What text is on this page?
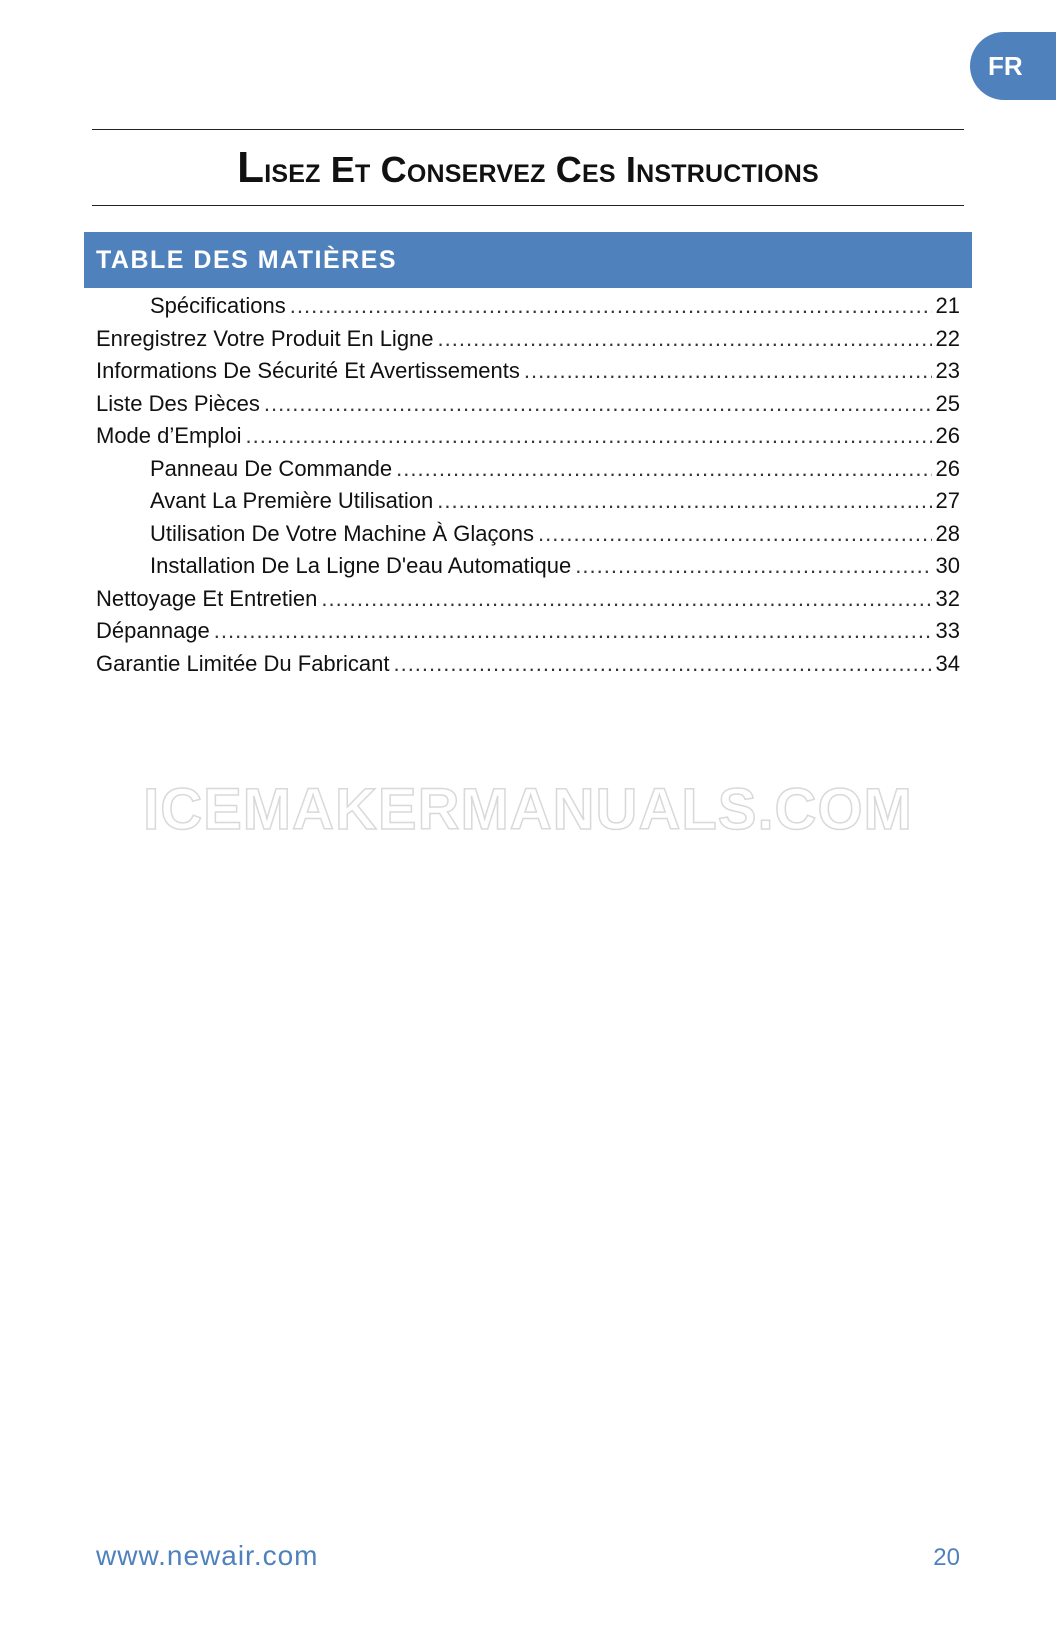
FR
Lisez Et Conservez Ces Instructions
TABLE DES MATIÈRES
Spécifications .....	21
Enregistrez Votre Produit En Ligne .....	22
Informations De Sécurité Et Avertissements .....	23
Liste Des Pièces .....	25
Mode d’Emploi .....	26
Panneau De Commande .....	26
Avant La Première Utilisation .....	27
Utilisation De Votre Machine À Glaçons .....	28
Installation De La Ligne D'eau Automatique .....	30
Nettoyage Et Entretien .....	32
Dépannage .....	33
Garantie Limitée Du Fabricant .....	34
ICEMAKERMANUALS.COM
www.newair.com	20
